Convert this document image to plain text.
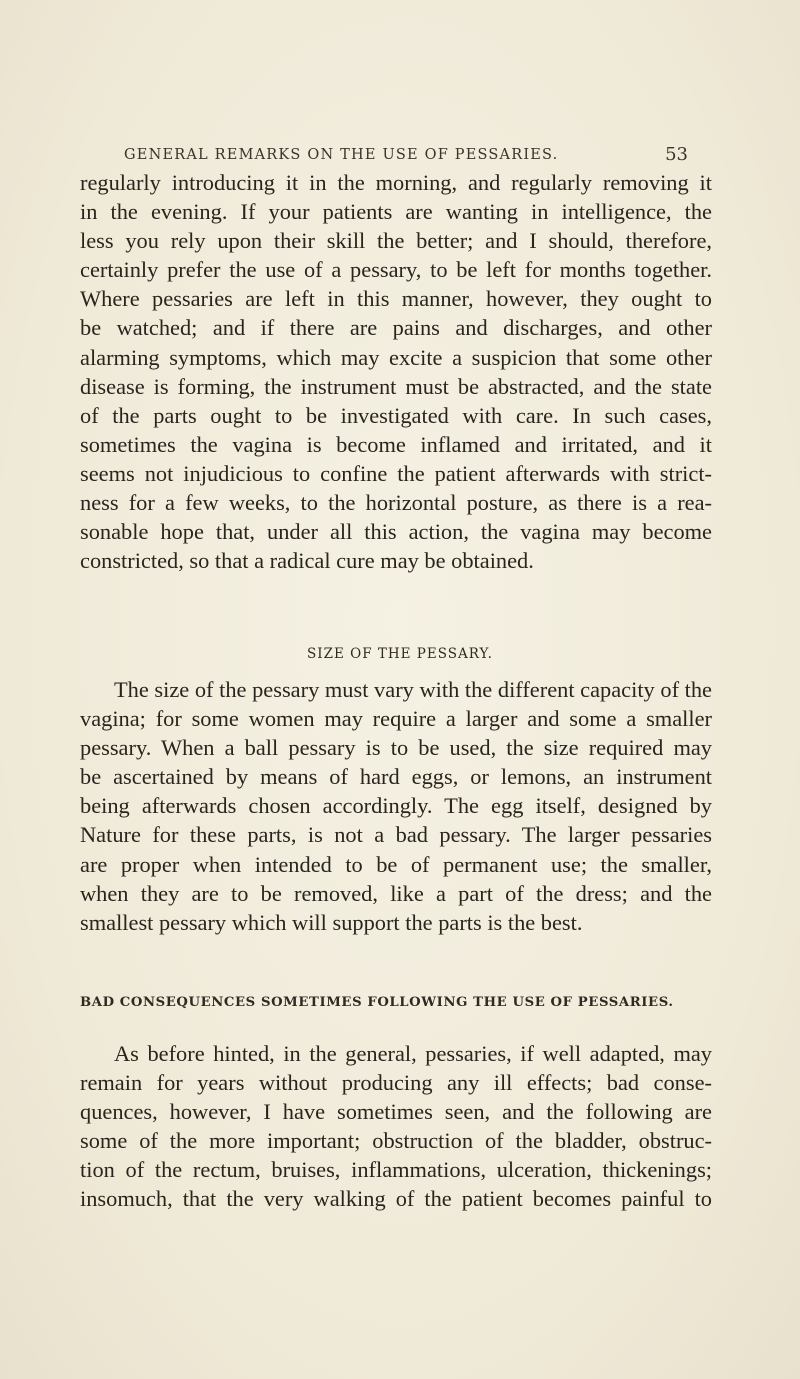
GENERAL REMARKS ON THE USE OF PESSARIES.	53
regularly introducing it in the morning, and regularly removing it
in the evening. If your patients are wanting in intelligence, the
less you rely upon their skill the better; and I should, therefore,
certainly prefer the use of a pessary, to be left for months together.
Where pessaries are left in this manner, however, they ought to
be watched; and if there are pains and discharges, and other
alarming symptoms, which may excite a suspicion that some other
disease is forming, the instrument must be abstracted, and the state
of the parts ought to be investigated with care. In such cases,
sometimes the vagina is become inflamed and irritated, and it
seems not injudicious to confine the patient afterwards with strict-
ness for a few weeks, to the horizontal posture, as there is a rea-
sonable hope that, under all this action, the vagina may become
constricted, so that a radical cure may be obtained.
SIZE OF THE PESSARY.
The size of the pessary must vary with the different capacity of the
vagina; for some women may require a larger and some a smaller
pessary. When a ball pessary is to be used, the size required may
be ascertained by means of hard eggs, or lemons, an instrument
being afterwards chosen accordingly. The egg itself, designed by
Nature for these parts, is not a bad pessary. The larger pessaries
are proper when intended to be of permanent use; the smaller,
when they are to be removed, like a part of the dress; and the
smallest pessary which will support the parts is the best.
BAD CONSEQUENCES SOMETIMES FOLLOWING THE USE OF PESSARIES.
As before hinted, in the general, pessaries, if well adapted, may
remain for years without producing any ill effects; bad conse-
quences, however, I have sometimes seen, and the following are
some of the more important; obstruction of the bladder, obstruc-
tion of the rectum, bruises, inflammations, ulceration, thickenings;
insomuch, that the very walking of the patient becomes painful to
